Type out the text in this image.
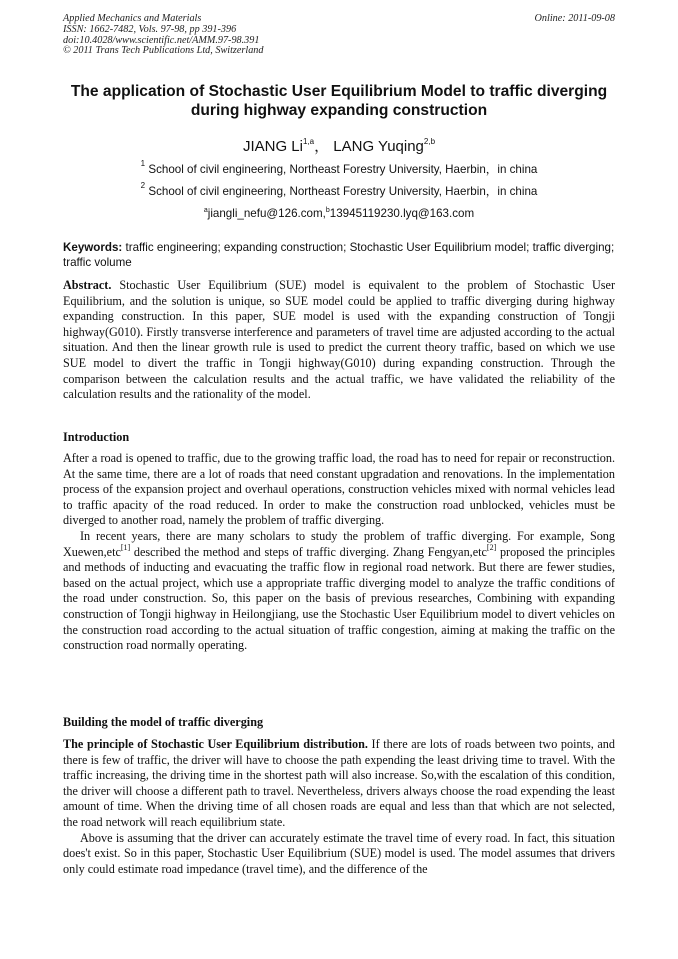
Applied Mechanics and Materials
ISSN: 1662-7482, Vols. 97-98, pp 391-396
doi:10.4028/www.scientific.net/AMM.97-98.391
© 2011 Trans Tech Publications Ltd, Switzerland
Online: 2011-09-08
The application of Stochastic User Equilibrium Model to traffic diverging
during highway expanding construction
JIANG Li$^{1,a}$， LANG Yuqing$^{2,b}$
$^1$ School of civil engineering, Northeast Forestry University, Haerbin，in china
$^2$ School of civil engineering, Northeast Forestry University, Haerbin，in china
$^a$jiangli_nefu@126.com,$^b$13945119230.lyq@163.com
Keywords: traffic engineering; expanding construction; Stochastic User Equilibrium model; traffic diverging; traffic volume

Abstract. Stochastic User Equilibrium (SUE) model is equivalent to the problem of Stochastic User Equilibrium, and the solution is unique, so SUE model could be applied to traffic diverging during highway expanding construction. In this paper, SUE model is used with the expanding construction of Tongji highway(G010). Firstly transverse interference and parameters of travel time are adjusted according to the actual situation. And then the linear growth rule is used to predict the current theory traffic, based on which we use SUE model to divert the traffic in Tongji highway(G010) during expanding construction. Through the comparison between the calculation results and the actual traffic, we have validated the reliability of the calculation results and the rationality of the model.

Introduction

After a road is opened to traffic, due to the growing traffic load, the road has to need for repair or reconstruction. At the same time, there are a lot of roads that need constant upgradation and renovations. In the implementation process of the expansion project and overhaul operations, construction vehicles mixed with normal vehicles lead to traffic apacity of the road reduced. In order to make the construction road unblocked, vehicles must be diverged to another road, namely the problem of traffic diverging.

In recent years, there are many scholars to study the problem of traffic diverging. For example, Song Xuewen,etc[1] described the method and steps of traffic diverging. Zhang Fengyan,etc[2] proposed the principles and methods of inducting and evacuating the traffic flow in regional road network. But there are fewer studies, based on the actual project, which use a appropriate traffic diverging model to analyze the traffic conditions of the road under construction. So, this paper on the basis of previous researches, Combining with expanding construction of Tongji highway in Heilongjiang, use the Stochastic User Equilibrium model to divert vehicles on the construction road according to the actual situation of traffic congestion, aiming at making the traffic on the construction road normally operating.

Building the model of traffic diverging

The principle of Stochastic User Equilibrium distribution. If there are lots of roads between two points, and there is few of traffic, the driver will have to choose the path expending the least driving time to travel. With the traffic increasing, the driving time in the shortest path will also increase. So,with the escalation of this condition, the driver will choose a different path to travel. Nevertheless, drivers always choose the road expending the least amount of time. When the driving time of all chosen roads are equal and less than that which are not selected, the road network will reach equilibrium state.

Above is assuming that the driver can accurately estimate the travel time of every road. In fact, this situation does't exist. So in this paper, Stochastic User Equilibrium (SUE) model is used. The model assumes that drivers only could estimate road impedance (travel time), and the difference of the
